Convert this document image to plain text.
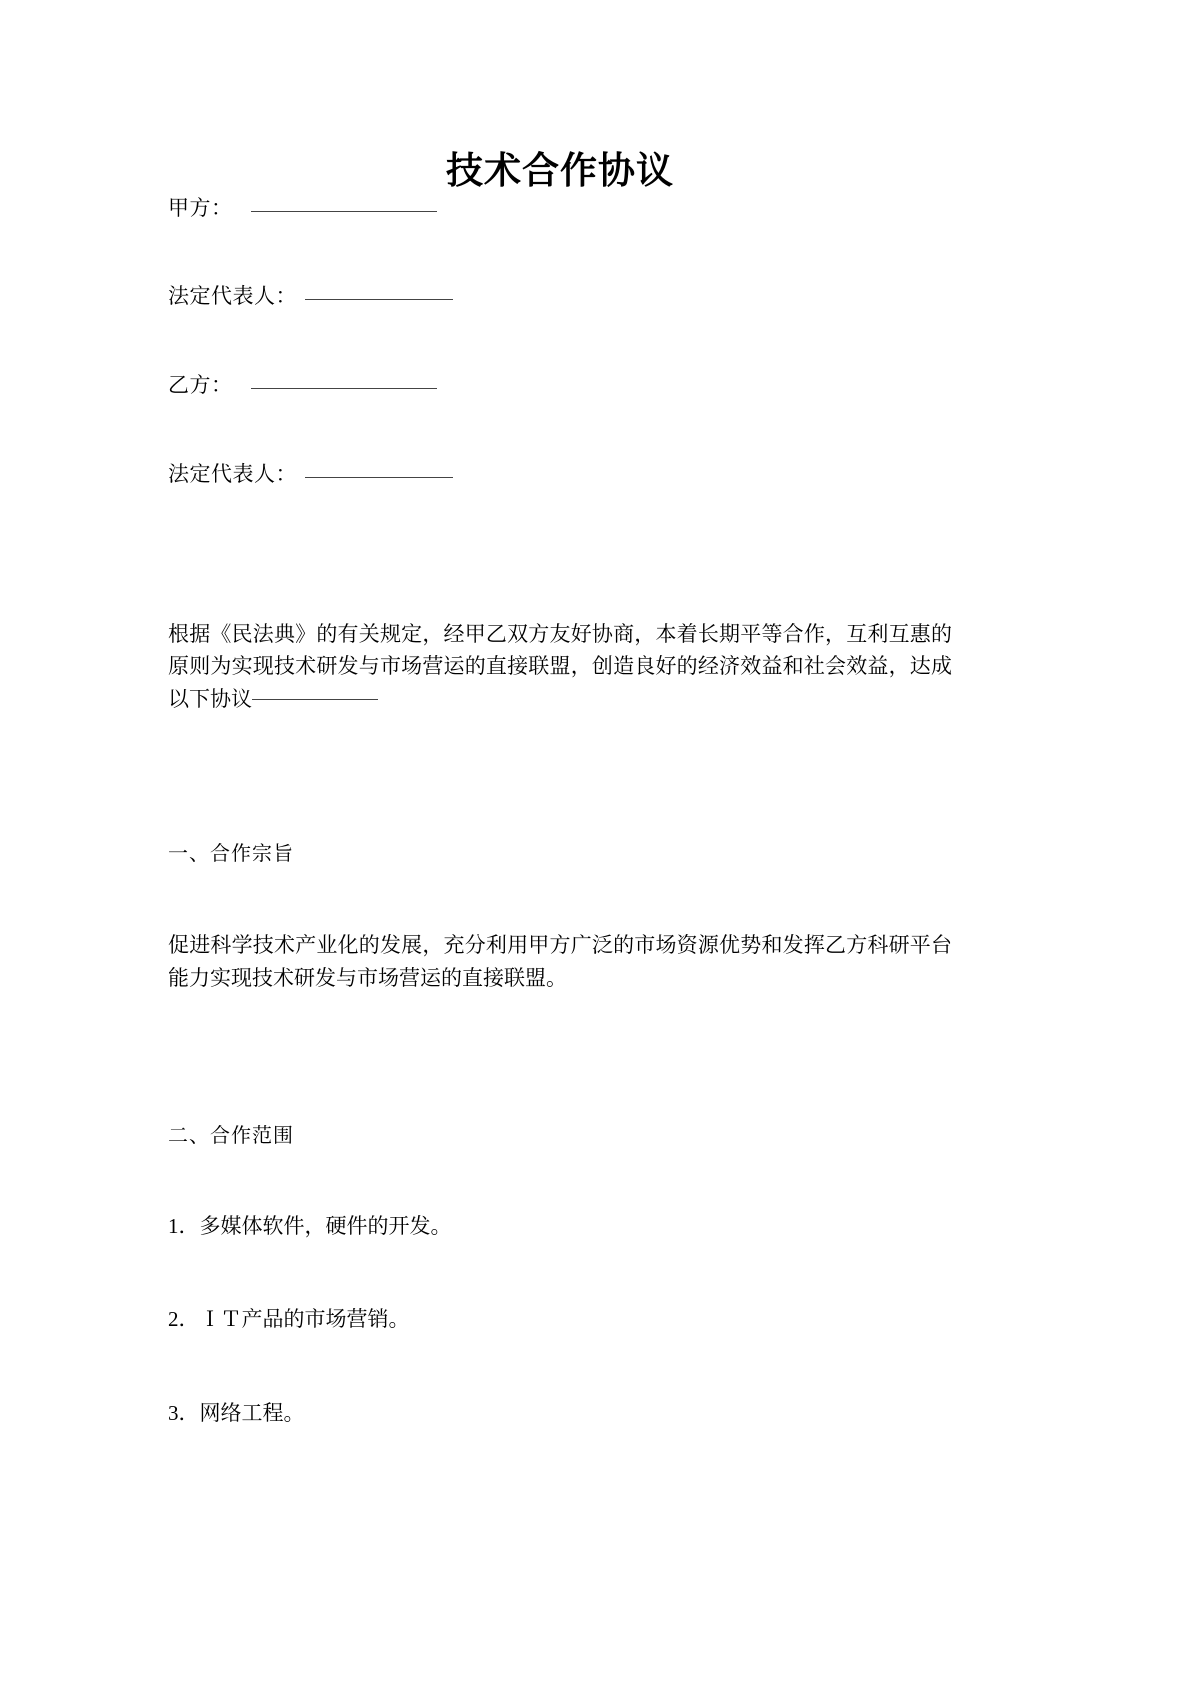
技术合作协议
甲方：
法定代表人：
乙方：
法定代表人：
根据《民法典》的有关规定，经甲乙双方友好协商，本着长期平等合作，互利互惠的原则为实现技术研发与市场营运的直接联盟，创造良好的经济效益和社会效益，达成以下协议
一、合作宗旨
促进科学技术产业化的发展，充分利用甲方广泛的市场资源优势和发挥乙方科研平台能力实现技术研发与市场营运的直接联盟。
二、合作范围
1．多媒体软件，硬件的开发。
2．ＩＴ产品的市场营销。
3．网络工程。
